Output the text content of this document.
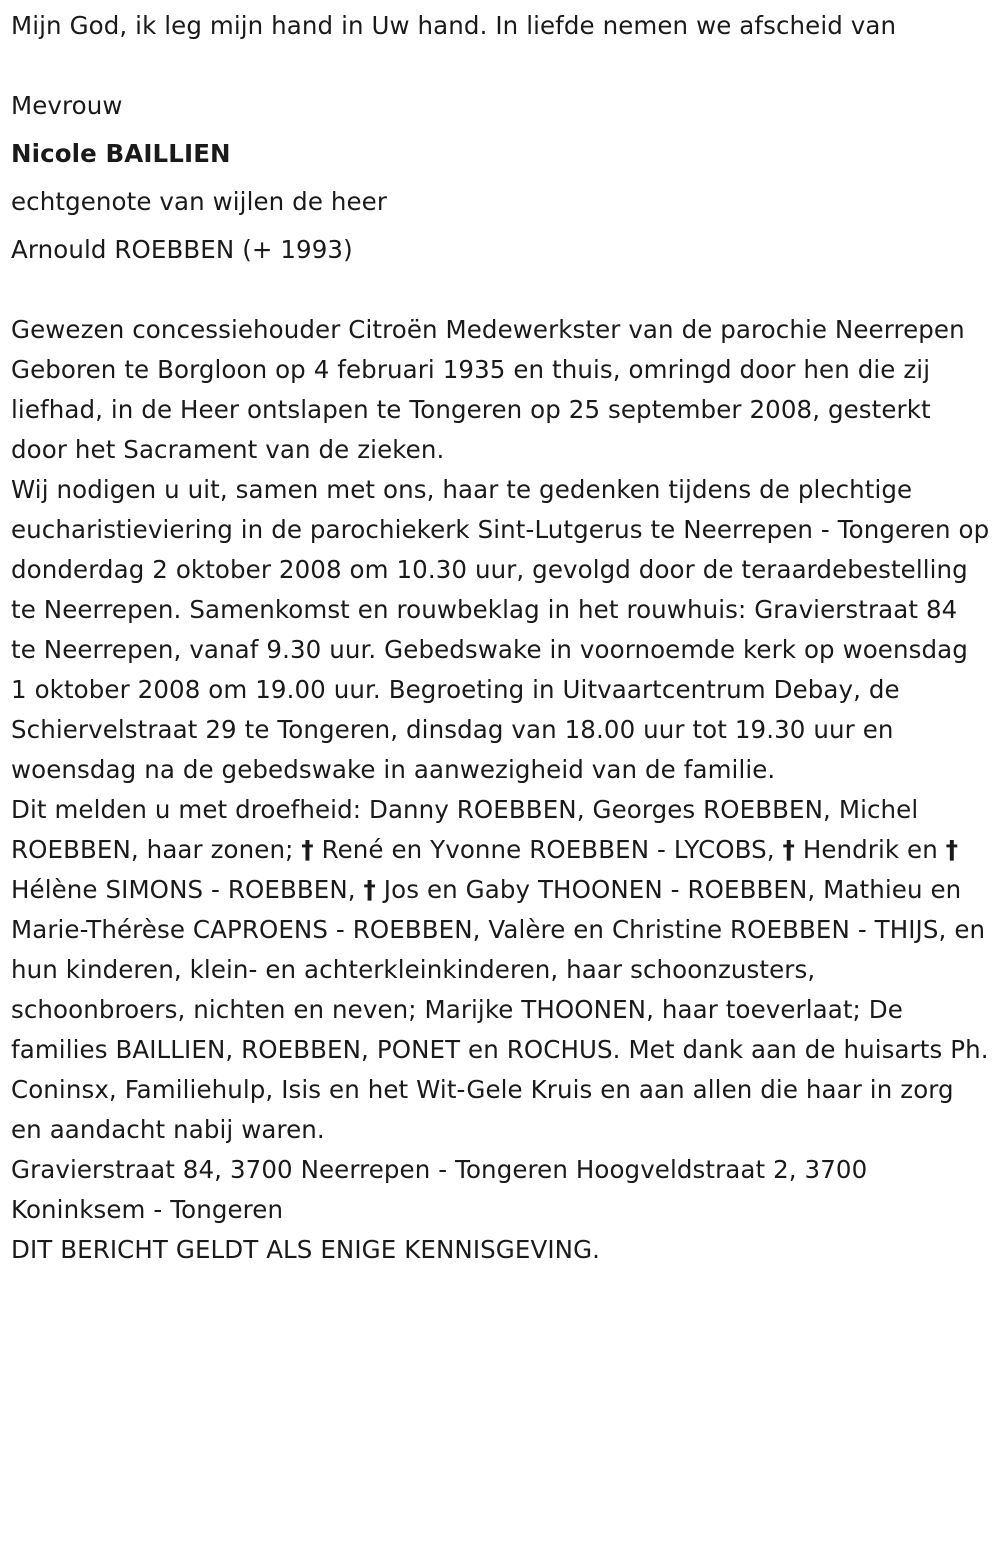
Mijn God, ik leg mijn hand in Uw hand. In liefde nemen we afscheid van

Mevrouw
Nicole BAILLIEN
echtgenote van wijlen de heer
Arnould ROEBBEN (+ 1993)

Gewezen concessiehouder Citroën Medewerkster van de parochie Neerrepen

Geboren te Borgloon op 4 februari 1935 en thuis, omringd door hen die zij liefhad, in de Heer ontslapen te Tongeren op 25 september 2008, gesterkt door het Sacrament van de zieken.

Wij nodigen u uit, samen met ons, haar te gedenken tijdens de plechtige eucharistieviering in de parochiekerk Sint-Lutgerus te Neerrepen - Tongeren op donderdag 2 oktober 2008 om 10.30 uur, gevolgd door de teraardebestelling te Neerrepen. Samenkomst en rouwbeklag in het rouwhuis: Gravierstraat 84 te Neerrepen, vanaf 9.30 uur. Gebedswake in voornoemde kerk op woensdag 1 oktober 2008 om 19.00 uur. Begroeting in Uitvaartcentrum Debay, de Schiervelstraat 29 te Tongeren, dinsdag van 18.00 uur tot 19.30 uur en woensdag na de gebedswake in aanwezigheid van de familie.

Dit melden u met droefheid: Danny ROEBBEN, Georges ROEBBEN, Michel ROEBBEN, haar zonen; † René en Yvonne ROEBBEN - LYCOBS, † Hendrik en † Hélène SIMONS - ROEBBEN, † Jos en Gaby THOONEN - ROEBBEN, Mathieu en Marie-Thérèse CAPROENS - ROEBBEN, Valère en Christine ROEBBEN - THIJS, en hun kinderen, klein- en achterkleinkinderen, haar schoonzusters, schoonbroers, nichten en neven; Marijke THOONEN, haar toeverlaat; De families BAILLIEN, ROEBBEN, PONET en ROCHUS. Met dank aan de huisarts Ph. Coninsx, Familiehulp, Isis en het Wit-Gele Kruis en aan allen die haar in zorg en aandacht nabij waren.

Gravierstraat 84, 3700 Neerrepen - Tongeren Hoogveldstraat 2, 3700 Koninksem - Tongeren

DIT BERICHT GELDT ALS ENIGE KENNISGEVING.
